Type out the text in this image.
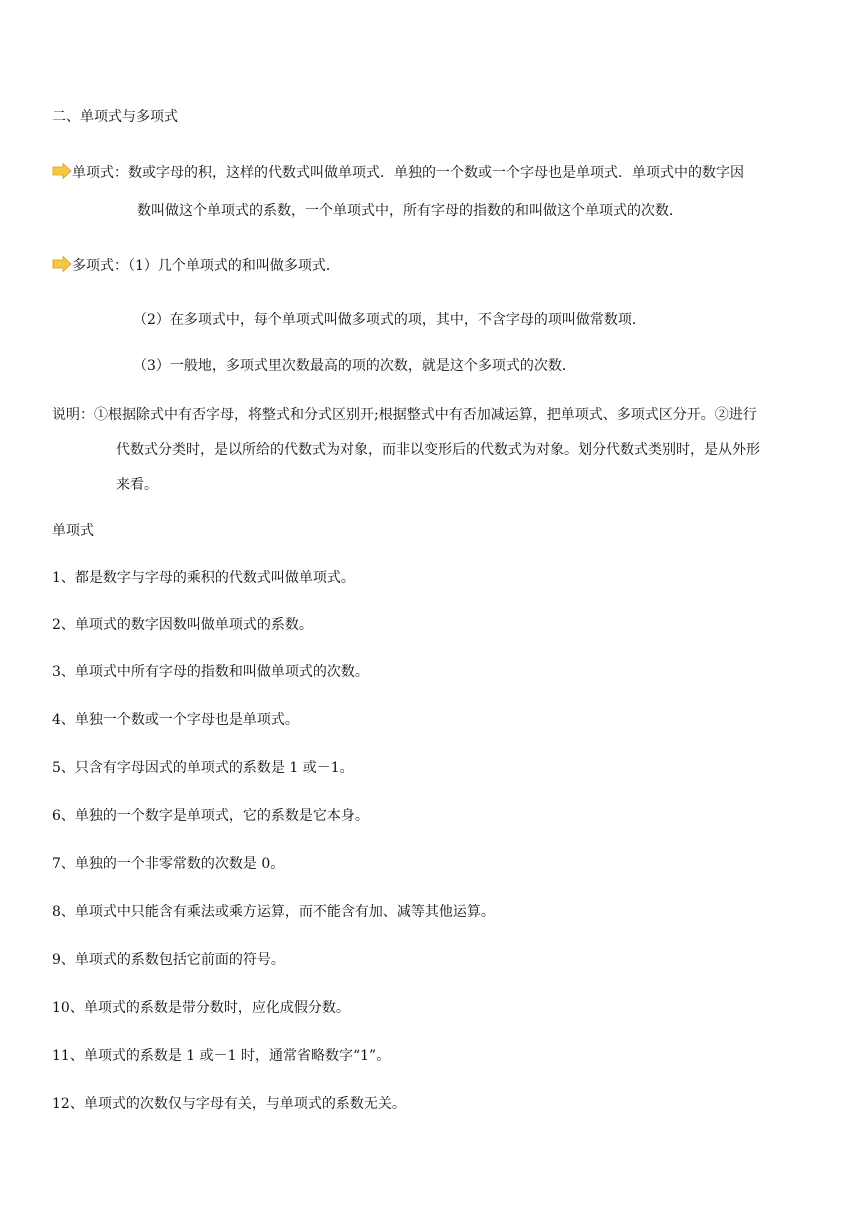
二、单项式与多项式
单项式：数或字母的积，这样的代数式叫做单项式．单独的一个数或一个字母也是单项式．单项式中的数字因
数叫做这个单项式的系数，一个单项式中，所有字母的指数的和叫做这个单项式的次数．
多项式：（1）几个单项式的和叫做多项式．
（2）在多项式中，每个单项式叫做多项式的项，其中，不含字母的项叫做常数项．
（3）一般地，多项式里次数最高的项的次数，就是这个多项式的次数．
说明：①根据除式中有否字母，将整式和分式区别开;根据整式中有否加减运算，把单项式、多项式区分开。②进行
代数式分类时，是以所给的代数式为对象，而非以变形后的代数式为对象。划分代数式类别时，是从外形
来看。
单项式
1、都是数字与字母的乘积的代数式叫做单项式。
2、单项式的数字因数叫做单项式的系数。
3、单项式中所有字母的指数和叫做单项式的次数。
4、单独一个数或一个字母也是单项式。
5、只含有字母因式的单项式的系数是 1 或－1。
6、单独的一个数字是单项式，它的系数是它本身。
7、单独的一个非零常数的次数是 0。
8、单项式中只能含有乘法或乘方运算，而不能含有加、减等其他运算。
9、单项式的系数包括它前面的符号。
10、单项式的系数是带分数时，应化成假分数。
11、单项式的系数是 1 或－1 时，通常省略数字“1”。
12、单项式的次数仅与字母有关，与单项式的系数无关。
